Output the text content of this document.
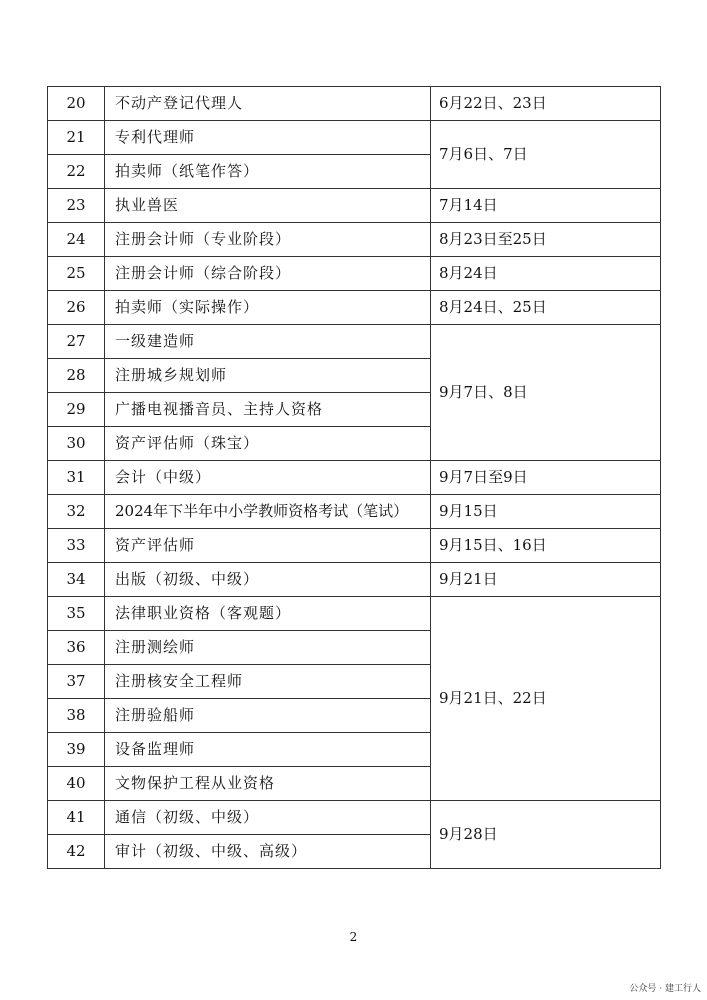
20	不动产登记代理人	6月22日、23日
21	专利代理师	7月6日、7日
22	拍卖师（纸笔作答）	
23	执业兽医	7月14日
24	注册会计师（专业阶段）	8月23日至25日
25	注册会计师（综合阶段）	8月24日
26	拍卖师（实际操作）	8月24日、25日
27	一级建造师	9月7日、8日
28	注册城乡规划师	
29	广播电视播音员、主持人资格	
30	资产评估师（珠宝）	
31	会计（中级）	9月7日至9日
32	2024年下半年中小学教师资格考试（笔试）	9月15日
33	资产评估师	9月15日、16日
34	出版（初级、中级）	9月21日
35	法律职业资格（客观题）	9月21日、22日
36	注册测绘师	
37	注册核安全工程师	
38	注册验船师	
39	设备监理师	
40	文物保护工程从业资格	
41	通信（初级、中级）	9月28日
42	审计（初级、中级、高级）	
2
公众号 · 建工行人
